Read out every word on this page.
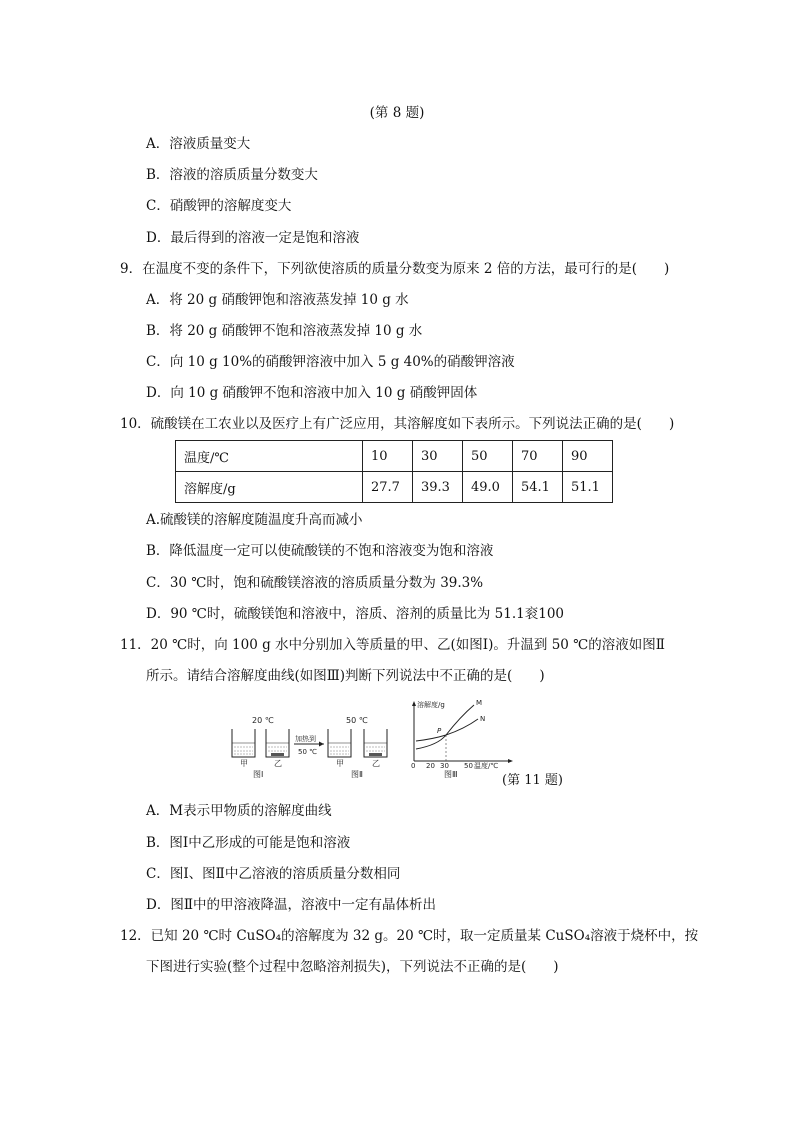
(第 8 题)
A．溶液质量变大
B．溶液的溶质质量分数变大
C．硝酸钾的溶解度变大
D．最后得到的溶液一定是饱和溶液
9．在温度不变的条件下，下列欲使溶质的质量分数变为原来 2 倍的方法，最可行的是(　　)
A．将 20 g 硝酸钾饱和溶液蒸发掉 10 g 水
B．将 20 g 硝酸钾不饱和溶液蒸发掉 10 g 水
C．向 10 g 10%的硝酸钾溶液中加入 5 g 40%的硝酸钾溶液
D．向 10 g 硝酸钾不饱和溶液中加入 10 g 硝酸钾固体
10．硫酸镁在工农业以及医疗上有广泛应用，其溶解度如下表所示。下列说法正确的是(　　)
温度/℃	10	30	50	70	90
溶解度/g	27.7	39.3	49.0	54.1	51.1
A.硫酸镁的溶解度随温度升高而减小
B．降低温度一定可以使硫酸镁的不饱和溶液变为饱和溶液
C．30 ℃时，饱和硫酸镁溶液的溶质质量分数为 39.3%
D．90 ℃时，硫酸镁饱和溶液中，溶质、溶剂的质量比为 51.1衮100
11．20 ℃时，向 100 g 水中分别加入等质量的甲、乙(如图Ⅰ)。升温到 50 ℃的溶液如图Ⅱ
所示。请结合溶解度曲线(如图Ⅲ)判断下列说法中不正确的是(　　)
20 ℃
甲	乙
图Ⅰ
加热到
50 ℃
50 ℃
甲	乙
图Ⅱ
溶解度/g	M
N
P
0 20 30 50 温度/℃
图Ⅲ	(第 11 题)
A．M表示甲物质的溶解度曲线
B．图Ⅰ中乙形成的可能是饱和溶液
C．图Ⅰ、图Ⅱ中乙溶液的溶质质量分数相同
D．图Ⅱ中的甲溶液降温，溶液中一定有晶体析出
12．已知 20 ℃时 CuSO₄的溶解度为 32 g。20 ℃时，取一定质量某 CuSO₄溶液于烧杯中，按
下图进行实验(整个过程中忽略溶剂损失)，下列说法不正确的是(　　)
